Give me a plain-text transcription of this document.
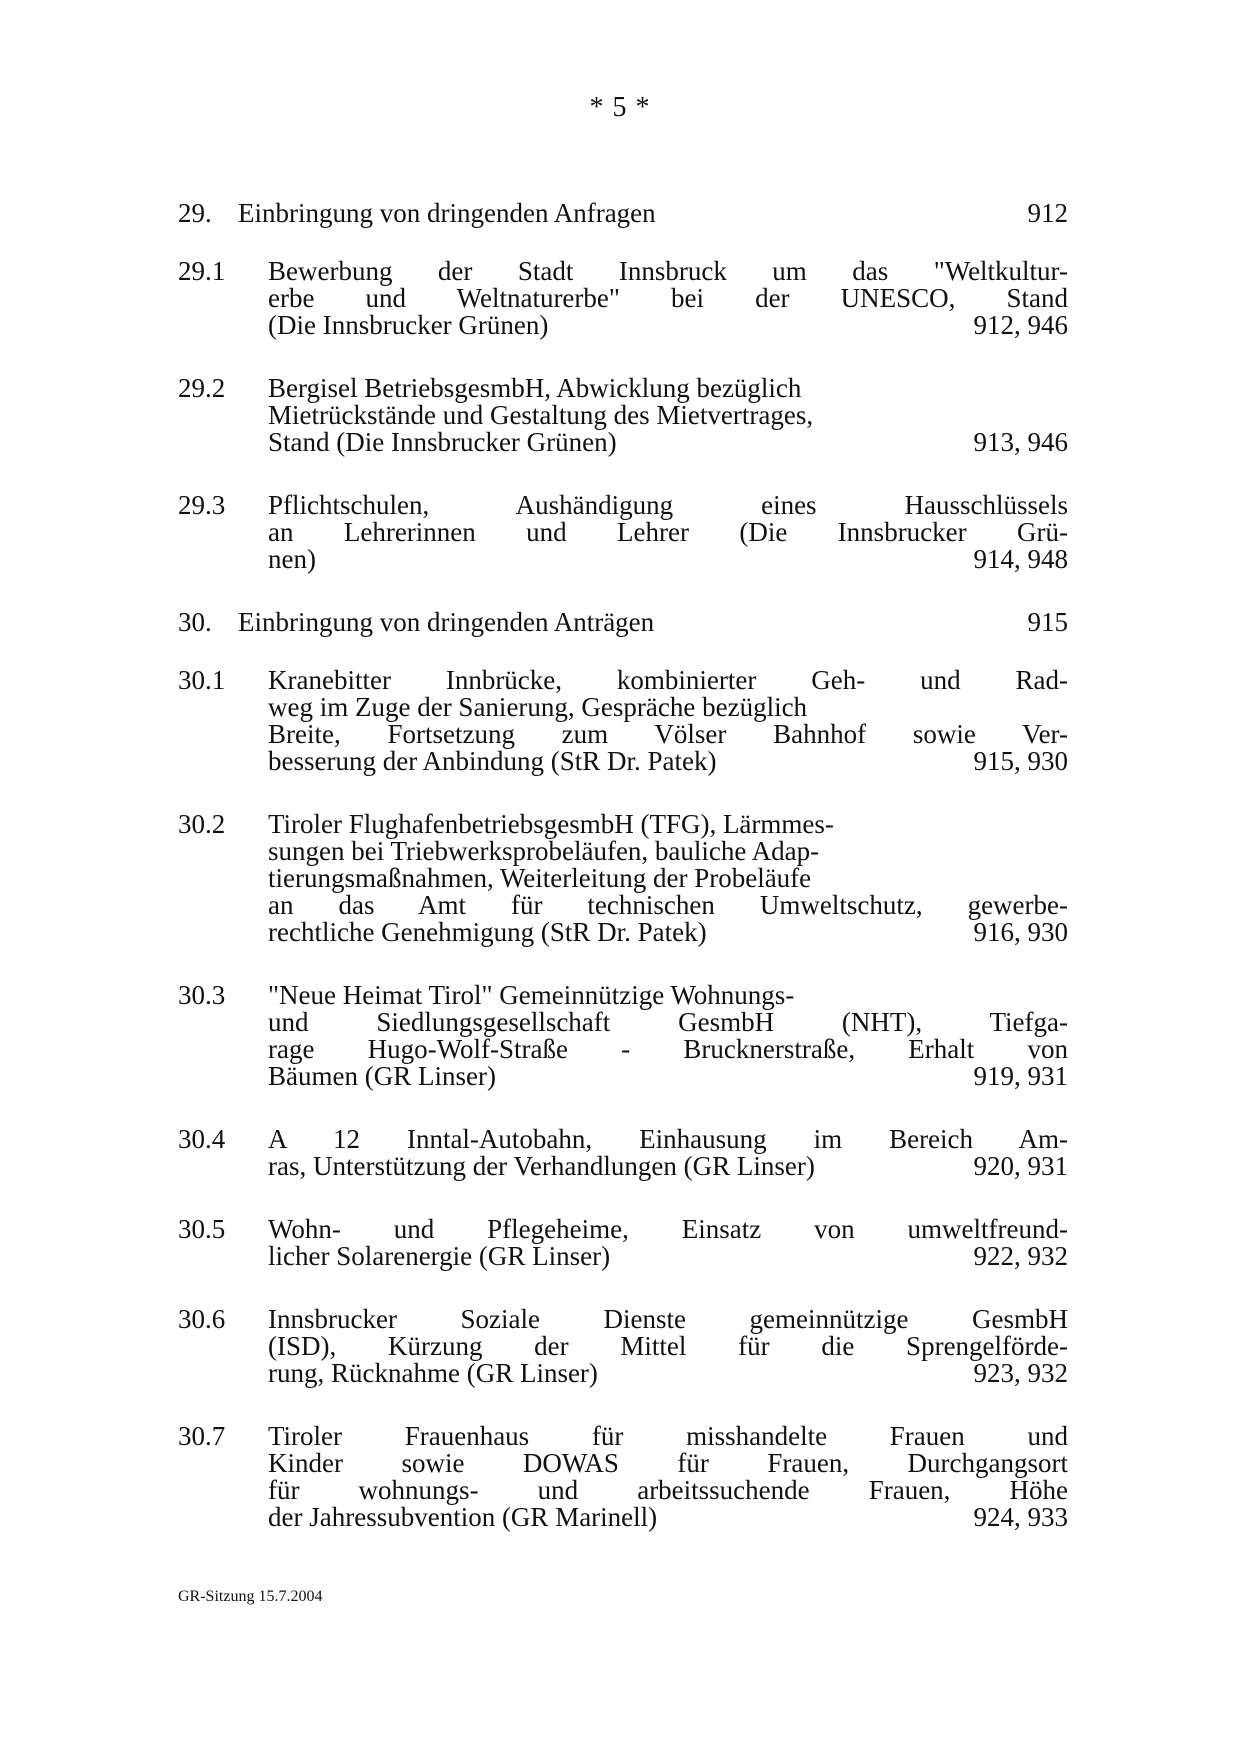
* 5 *
29. Einbringung von dringenden Anfragen	912
29.1 Bewerbung der Stadt Innsbruck um das "Weltkultur-
erbe und Weltnaturerbe" bei der UNESCO, Stand
(Die Innsbrucker Grünen)	912, 946
29.2 Bergisel BetriebsgesmbH, Abwicklung bezüglich
Mietrückstände und Gestaltung des Mietvertrages,
Stand (Die Innsbrucker Grünen)	913, 946
29.3 Pflichtschulen, Aushändigung eines Hausschlüssels
an Lehrerinnen und Lehrer (Die Innsbrucker Grü-
nen)	914, 948
30. Einbringung von dringenden Anträgen	915
30.1 Kranebitter Innbrücke, kombinierter Geh- und Rad-
weg im Zuge der Sanierung, Gespräche bezüglich
Breite, Fortsetzung zum Völser Bahnhof sowie Ver-
besserung der Anbindung (StR Dr. Patek)	915, 930
30.2 Tiroler FlughafenbetriebsgesmbH (TFG), Lärmmes-
sungen bei Triebwerksprobeläufen, bauliche Adap-
tierungsmaßnahmen, Weiterleitung der Probeläufe
an das Amt für technischen Umweltschutz, gewerbe-
rechtliche Genehmigung (StR Dr. Patek)	916, 930
30.3 "Neue Heimat Tirol" Gemeinnützige Wohnungs-
und Siedlungsgesellschaft GesmbH (NHT), Tiefga-
rage Hugo-Wolf-Straße - Brucknerstraße, Erhalt von
Bäumen (GR Linser)	919, 931
30.4 A 12 Inntal-Autobahn, Einhausung im Bereich Am-
ras, Unterstützung der Verhandlungen (GR Linser)	920, 931
30.5 Wohn- und Pflegeheime, Einsatz von umweltfreund-
licher Solarenergie (GR Linser)	922, 932
30.6 Innsbrucker Soziale Dienste gemeinnützige GesmbH
(ISD), Kürzung der Mittel für die Sprengelförde-
rung, Rücknahme (GR Linser)	923, 932
30.7 Tiroler Frauenhaus für misshandelte Frauen und
Kinder sowie DOWAS für Frauen, Durchgangsort
für wohnungs- und arbeitssuchende Frauen, Höhe
der Jahressubvention (GR Marinell)	924, 933
GR-Sitzung 15.7.2004
